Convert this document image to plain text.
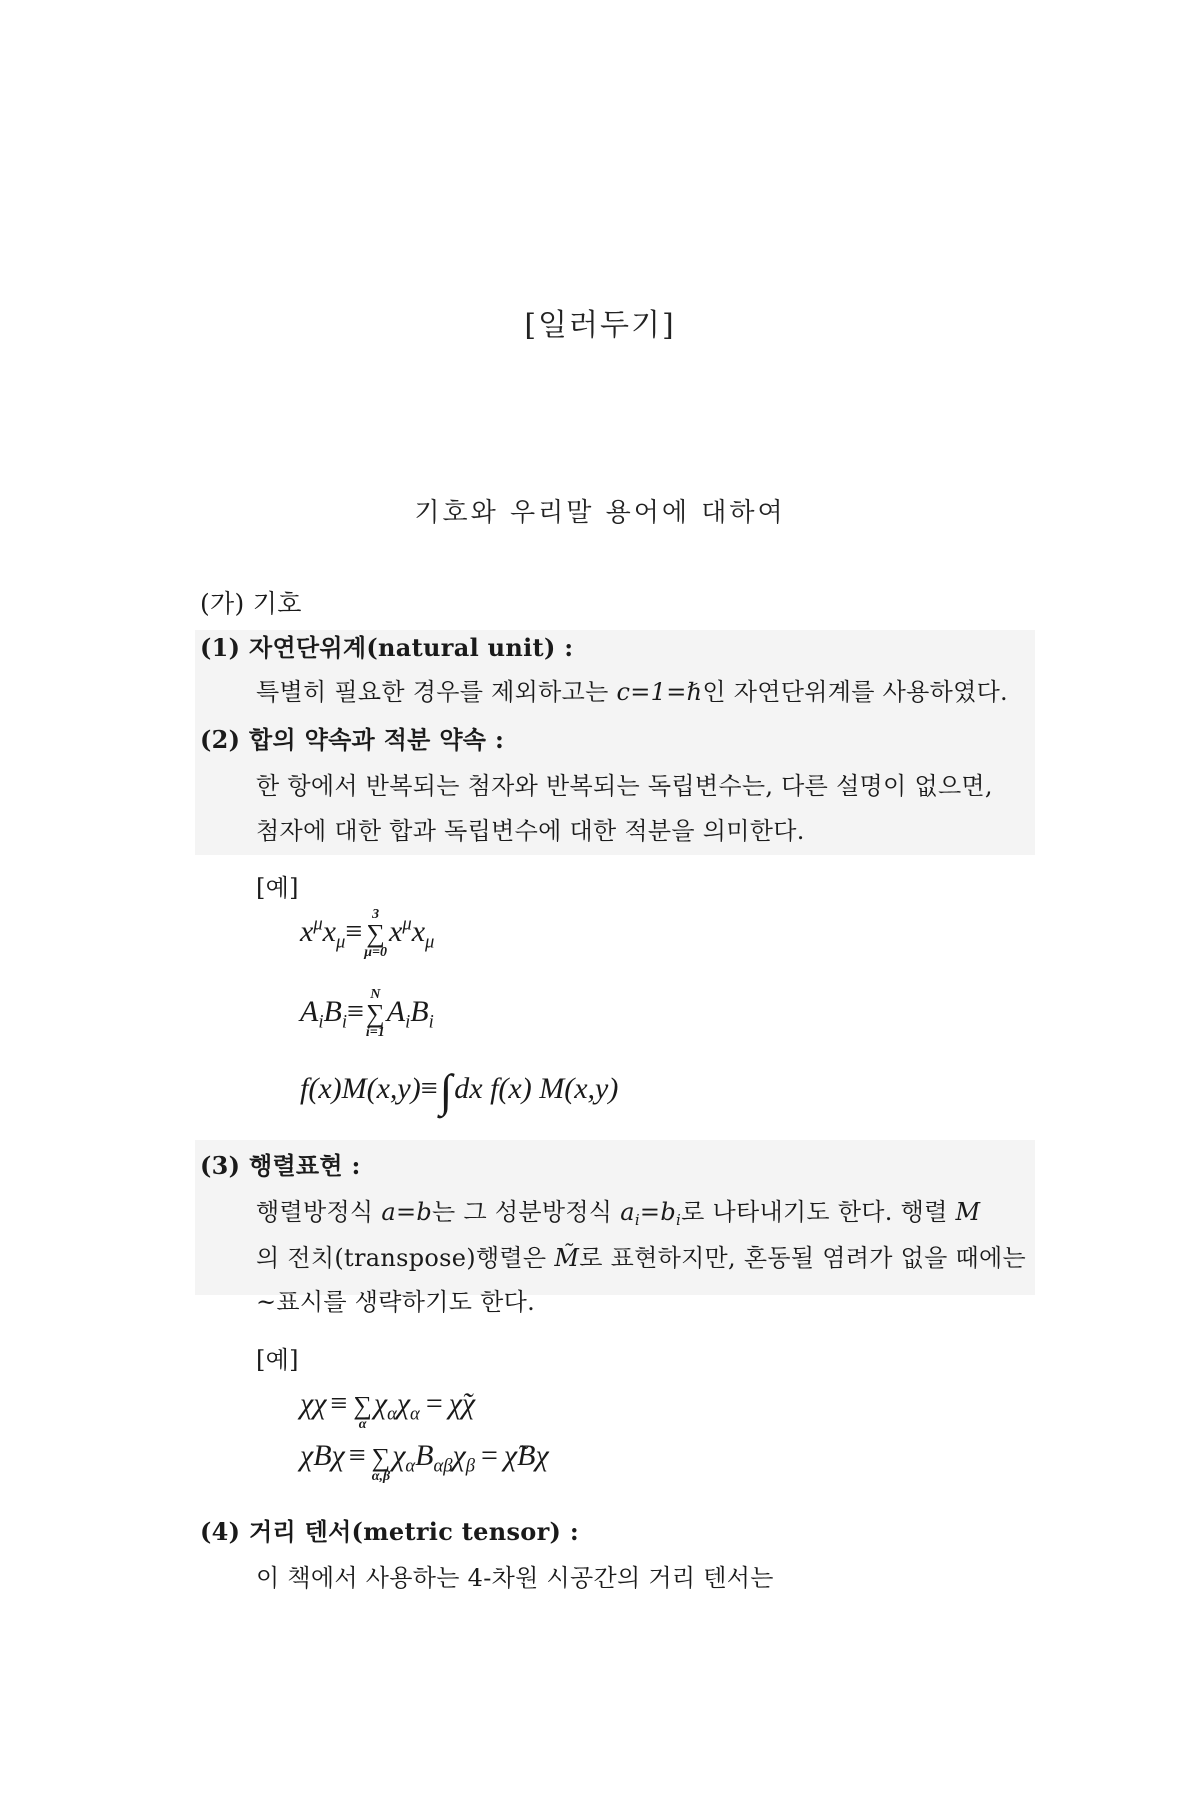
[일러두기]
기호와 우리말 용어에 대하여
(가) 기호
(1) 자연단위계(natural unit) :
특별히 필요한 경우를 제외하고는 c=1=ℏ인 자연단위계를 사용하였다.
(2) 합의 약속과 적분 약속 :
한 항에서 반복되는 첨자와 반복되는 독립변수는, 다른 설명이 없으면,
첨자에 대한 합과 독립변수에 대한 적분을 의미한다.
[예]
$x^\mu x_\mu\equiv$
3
∑
μ=0
$x^\mu x_\mu$
$A_iB_i\equiv$
N
∑
i=1
$A_iB_i$
f(x)M(x,y)≡∫dx f(x) M(x,y)
(3) 행렬표현 :
행렬방정식 a=b는 그 성분방정식 $a_i=b_i$로 나타내기도 한다. 행렬 M
의 전치(transpose)행렬은 M̃로 표현하지만, 혼동될 염려가 없을 때에는
~표시를 생략하기도 한다.
[예]
χχ ≡
∑
α
$\chi_\alpha\chi_\alpha$ = χ̃χ
χBχ ≡
∑
α,β
$\chi_\alpha B_{\alpha\beta}\chi_\beta$ = χ̃Bχ
(4) 거리 텐서(metric tensor) :
이 책에서 사용하는 4-차원 시공간의 거리 텐서는
